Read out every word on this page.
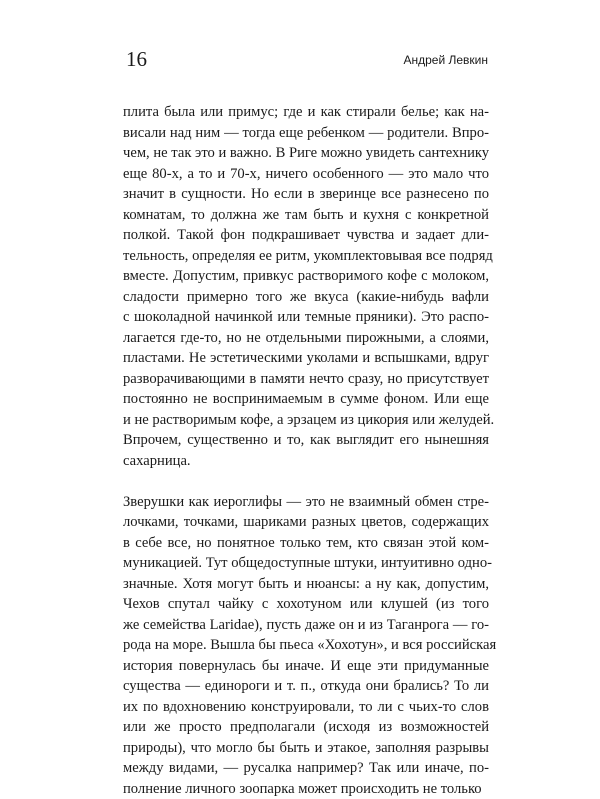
16	Андрей Левкин
плита была или примус; где и как стирали белье; как на-
висали над ним — тогда еще ребенком — родители. Впро-
чем, не так это и важно. В Риге можно увидеть сантехнику
еще 80-х, а то и 70-х, ничего особенного — это мало что
значит в сущности. Но если в зверинце все разнесено по
комнатам, то должна же там быть и кухня с конкретной
полкой. Такой фон подкрашивает чувства и задает дли-
тельность, определяя ее ритм, укомплектовывая все подряд
вместе. Допустим, привкус растворимого кофе с молоком,
сладости примерно того же вкуса (какие-нибудь вафли
с шоколадной начинкой или темные пряники). Это распо-
лагается где-то, но не отдельными пирожными, а слоями,
пластами. Не эстетическими уколами и вспышками, вдруг
разворачивающими в памяти нечто сразу, но присутствует
постоянно не воспринимаемым в сумме фоном. Или еще
и не растворимым кофе, а эрзацем из цикория или желудей.
Впрочем, существенно и то, как выглядит его нынешняя
сахарница.
Зверушки как иероглифы — это не взаимный обмен стре-
лочками, точками, шариками разных цветов, содержащих
в себе все, но понятное только тем, кто связан этой ком-
муникацией. Тут общедоступные штуки, интуитивно одно-
значные. Хотя могут быть и нюансы: а ну как, допустим,
Чехов спутал чайку с хохотуном или клушей (из того
же семейства Laridae), пусть даже он и из Таганрога — го-
рода на море. Вышла бы пьеса «Хохотун», и вся российская
история повернулась бы иначе. И еще эти придуманные
существа — единороги и т. п., откуда они брались? То ли
их по вдохновению конструировали, то ли с чьих-то слов
или же просто предполагали (исходя из возможностей
природы), что могло бы быть и этакое, заполняя разрывы
между видами, — русалка например? Так или иначе, по-
полнение личного зоопарка может происходить не только
